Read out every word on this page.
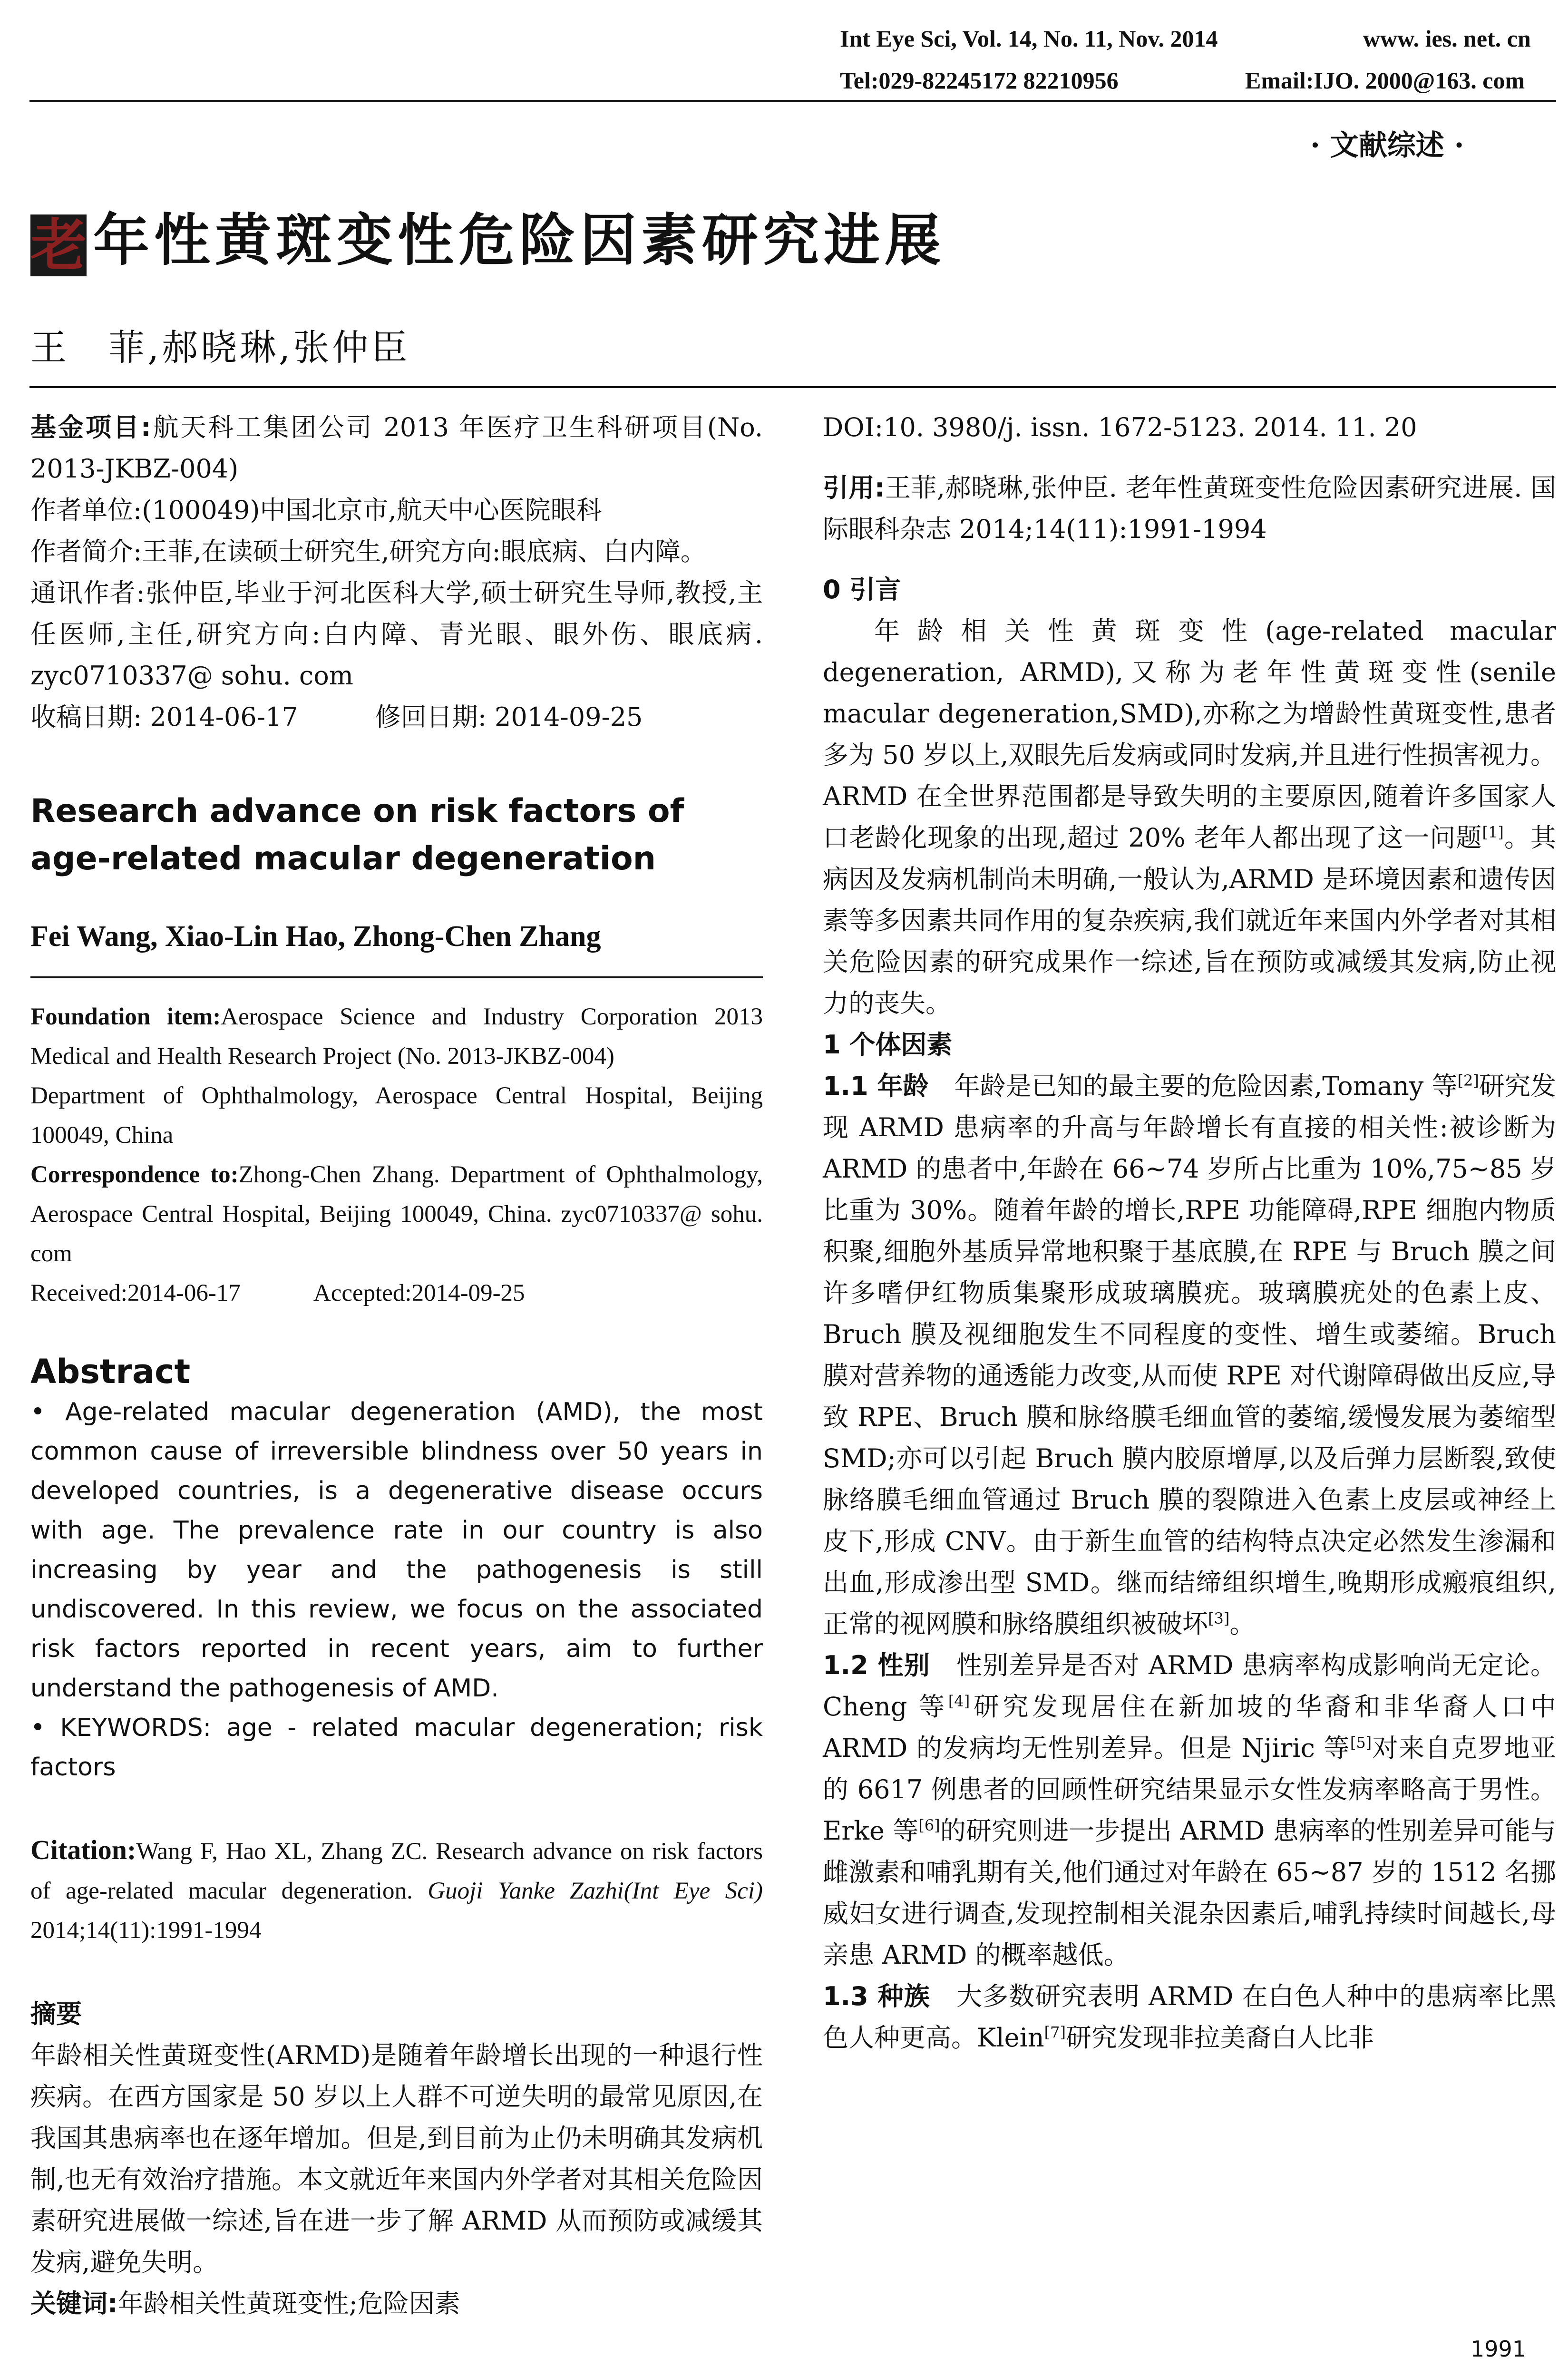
Int Eye Sci, Vol. 14, No. 11, Nov. 2014	www. ies. net. cn
Tel:029-82245172 82210956	Email:IJO. 2000@163. com
· 文献综述 ·
老年性黄斑变性危险因素研究进展
王　菲,郝晓琳,张仲臣

基金项目:航天科工集团公司 2013 年医疗卫生科研项目(No. 2013-JKBZ-004)

作者单位:(100049)中国北京市,航天中心医院眼科

作者简介:王菲,在读硕士研究生,研究方向:眼底病、白内障。

通讯作者:张仲臣,毕业于河北医科大学,硕士研究生导师,教授,主任医师,主任,研究方向:白内障、青光眼、眼外伤、眼底病. zyc0710337@ sohu. com

收稿日期: 2014-06-17　　　修回日期: 2014-09-25

Research advance on risk factors of age-related macular degeneration
Fei Wang, Xiao-Lin Hao, Zhong-Chen Zhang
Foundation item:Aerospace Science and Industry Corporation 2013 Medical and Health Research Project (No. 2013-JKBZ-004)
Department of Ophthalmology, Aerospace Central Hospital, Beijing 100049, China
Correspondence to:Zhong-Chen Zhang. Department of Ophthalmology, Aerospace Central Hospital, Beijing 100049, China. zyc0710337@ sohu. com
Received:2014-06-17　　　Accepted:2014-09-25
Abstract
• Age-related macular degeneration (AMD), the most common cause of irreversible blindness over 50 years in developed countries, is a degenerative disease occurs with age. The prevalence rate in our country is also increasing by year and the pathogenesis is still undiscovered. In this review, we focus on the associated risk factors reported in recent years, aim to further understand the pathogenesis of AMD.
• KEYWORDS: age - related macular degeneration; risk factors
Citation:Wang F, Hao XL, Zhang ZC. Research advance on risk factors of age-related macular degeneration. Guoji Yanke Zazhi(Int Eye Sci) 2014;14(11):1991-1994
摘要

年龄相关性黄斑变性(ARMD)是随着年龄增长出现的一种退行性疾病。在西方国家是 50 岁以上人群不可逆失明的最常见原因,在我国其患病率也在逐年增加。但是,到目前为止仍未明确其发病机制,也无有效治疗措施。本文就近年来国内外学者对其相关危险因素研究进展做一综述,旨在进一步了解 ARMD 从而预防或减缓其发病,避免失明。

关键词:年龄相关性黄斑变性;危险因素

DOI:10. 3980/j. issn. 1672-5123. 2014. 11. 20

引用:王菲,郝晓琳,张仲臣. 老年性黄斑变性危险因素研究进展. 国际眼科杂志 2014;14(11):1991-1994

0 引言

年龄相关性黄斑变性(age-related macular degeneration, ARMD),又称为老年性黄斑变性(senile macular degeneration,SMD),亦称之为增龄性黄斑变性,患者多为 50 岁以上,双眼先后发病或同时发病,并且进行性损害视力。ARMD 在全世界范围都是导致失明的主要原因,随着许多国家人口老龄化现象的出现,超过 20% 老年人都出现了这一问题[1]。其病因及发病机制尚未明确,一般认为,ARMD 是环境因素和遗传因素等多因素共同作用的复杂疾病,我们就近年来国内外学者对其相关危险因素的研究成果作一综述,旨在预防或减缓其发病,防止视力的丧失。

1 个体因素

1.1 年龄　 年龄是已知的最主要的危险因素,Tomany 等[2]研究发现 ARMD 患病率的升高与年龄增长有直接的相关性:被诊断为 ARMD 的患者中,年龄在 66~74 岁所占比重为 10%,75~85 岁比重为 30%。随着年龄的增长,RPE 功能障碍,RPE 细胞内物质积聚,细胞外基质异常地积聚于基底膜,在 RPE 与 Bruch 膜之间许多嗜伊红物质集聚形成玻璃膜疣。玻璃膜疣处的色素上皮、Bruch 膜及视细胞发生不同程度的变性、增生或萎缩。Bruch 膜对营养物的通透能力改变,从而使 RPE 对代谢障碍做出反应,导致 RPE、Bruch 膜和脉络膜毛细血管的萎缩,缓慢发展为萎缩型 SMD;亦可以引起 Bruch 膜内胶原增厚,以及后弹力层断裂,致使脉络膜毛细血管通过 Bruch 膜的裂隙进入色素上皮层或神经上皮下,形成 CNV。由于新生血管的结构特点决定必然发生渗漏和出血,形成渗出型 SMD。继而结缔组织增生,晚期形成瘢痕组织,正常的视网膜和脉络膜组织被破坏[3]。

1.2 性别　 性别差异是否对 ARMD 患病率构成影响尚无定论。Cheng 等[4]研究发现居住在新加坡的华裔和非华裔人口中 ARMD 的发病均无性别差异。但是 Njiric 等[5]对来自克罗地亚的 6617 例患者的回顾性研究结果显示女性发病率略高于男性。Erke 等[6]的研究则进一步提出 ARMD 患病率的性别差异可能与雌激素和哺乳期有关,他们通过对年龄在 65~87 岁的 1512 名挪威妇女进行调查,发现控制相关混杂因素后,哺乳持续时间越长,母亲患 ARMD 的概率越低。

1.3 种族　 大多数研究表明 ARMD 在白色人种中的患病率比黑色人种更高。Klein[7]研究发现非拉美裔白人比非

1991
